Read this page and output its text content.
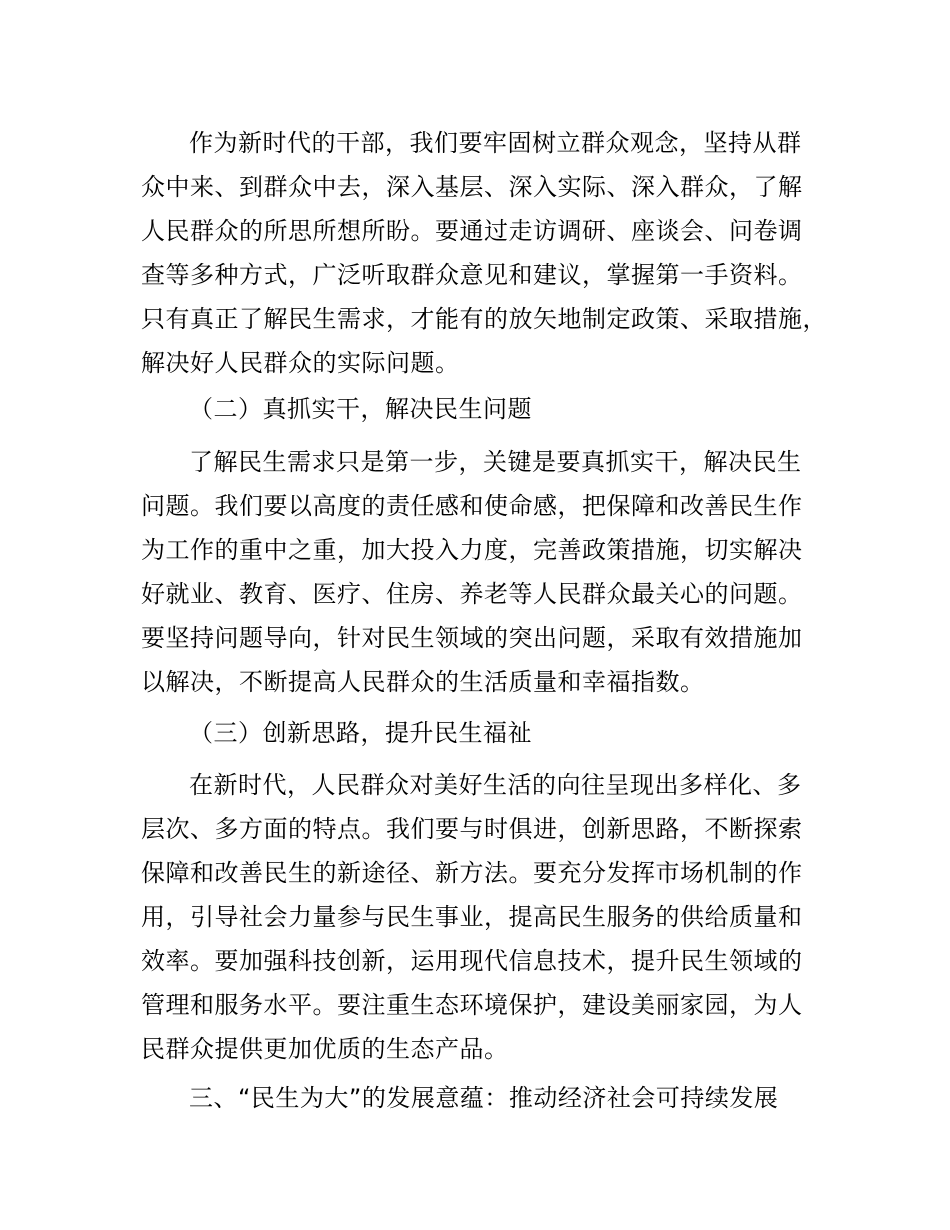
作为新时代的干部，我们要牢固树立群众观念，坚持从群
众中来、到群众中去，深入基层、深入实际、深入群众，了解
人民群众的所思所想所盼。要通过走访调研、座谈会、问卷调
查等多种方式，广泛听取群众意见和建议，掌握第一手资料。
只有真正了解民生需求，才能有的放矢地制定政策、采取措施，
解决好人民群众的实际问题。
（二）真抓实干，解决民生问题
了解民生需求只是第一步，关键是要真抓实干，解决民生
问题。我们要以高度的责任感和使命感，把保障和改善民生作
为工作的重中之重，加大投入力度，完善政策措施，切实解决
好就业、教育、医疗、住房、养老等人民群众最关心的问题。
要坚持问题导向，针对民生领域的突出问题，采取有效措施加
以解决，不断提高人民群众的生活质量和幸福指数。
（三）创新思路，提升民生福祉
在新时代，人民群众对美好生活的向往呈现出多样化、多
层次、多方面的特点。我们要与时俱进，创新思路，不断探索
保障和改善民生的新途径、新方法。要充分发挥市场机制的作
用，引导社会力量参与民生事业，提高民生服务的供给质量和
效率。要加强科技创新，运用现代信息技术，提升民生领域的
管理和服务水平。要注重生态环境保护，建设美丽家园，为人
民群众提供更加优质的生态产品。
三、“民生为大”的发展意蕴：推动经济社会可持续发展
